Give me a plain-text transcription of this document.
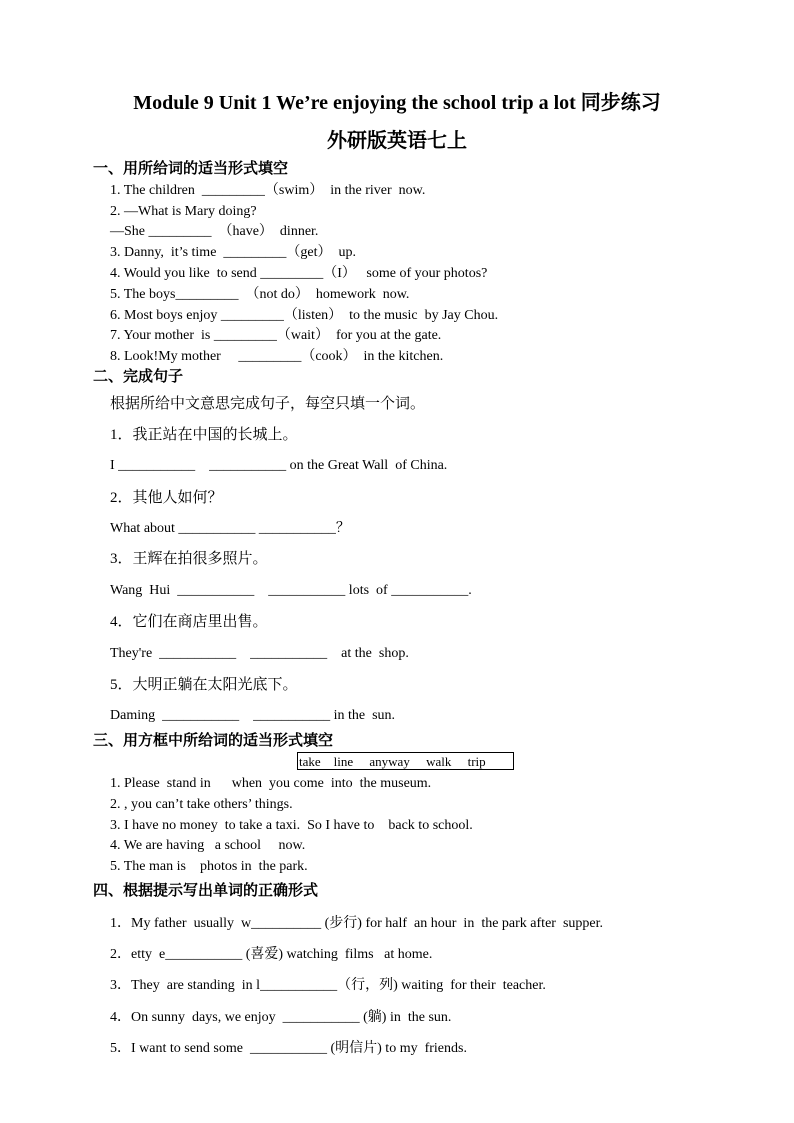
Module 9 Unit 1 We’re enjoying the school trip a lot 同步练习
外研版英语七上
一、用所给词的适当形式填空
1. The children  _________（swim）  in the river  now.
2. —What is Mary doing?
—She _________  （have）  dinner.
3. Danny,  it’s time  _________（get）  up.
4. Would you like  to send _________（I）   some of your photos?
5. The boys_________  （not do）  homework  now.
6. Most boys enjoy _________（listen）  to the music  by Jay Chou.
7. Your mother  is _________（wait）  for you at the gate.
8. Look!My mother     _________（cook）  in the kitchen.
二、完成句子
根据所给中文意思完成句子，每空只填一个词。
1．我正站在中国的长城上。
I ___________    ___________ on the Great Wall  of China.
2．其他人如何？
What about ___________ ___________？
3．王辉在拍很多照片。
Wang  Hui  ___________    ___________ lots  of ___________.
4．它们在商店里出售。
They're  ___________    ___________    at the  shop.
5．大明正躺在太阳光底下。
Daming  ___________    ___________ in the  sun.
三、用方框中所给词的适当形式填空
take    line     anyway     walk     trip
1. Please  stand in      when  you come  into  the museum.
2. , you can’t take others’ things.
3. I have no money  to take a taxi.  So I have to    back to school.
4. We are having   a school     now.
5. The man is    photos in  the park.
四、根据提示写出单词的正确形式
1．My father  usually  w__________ (步行) for half  an hour  in  the park after  supper.
2．etty  e___________ (喜爱) watching  films   at home.
3．They  are standing  in l___________（行，列) waiting  for their  teacher.
4．On sunny  days, we enjoy  ___________ (躺) in  the sun.
5．I want to send some  ___________ (明信片) to my  friends.
